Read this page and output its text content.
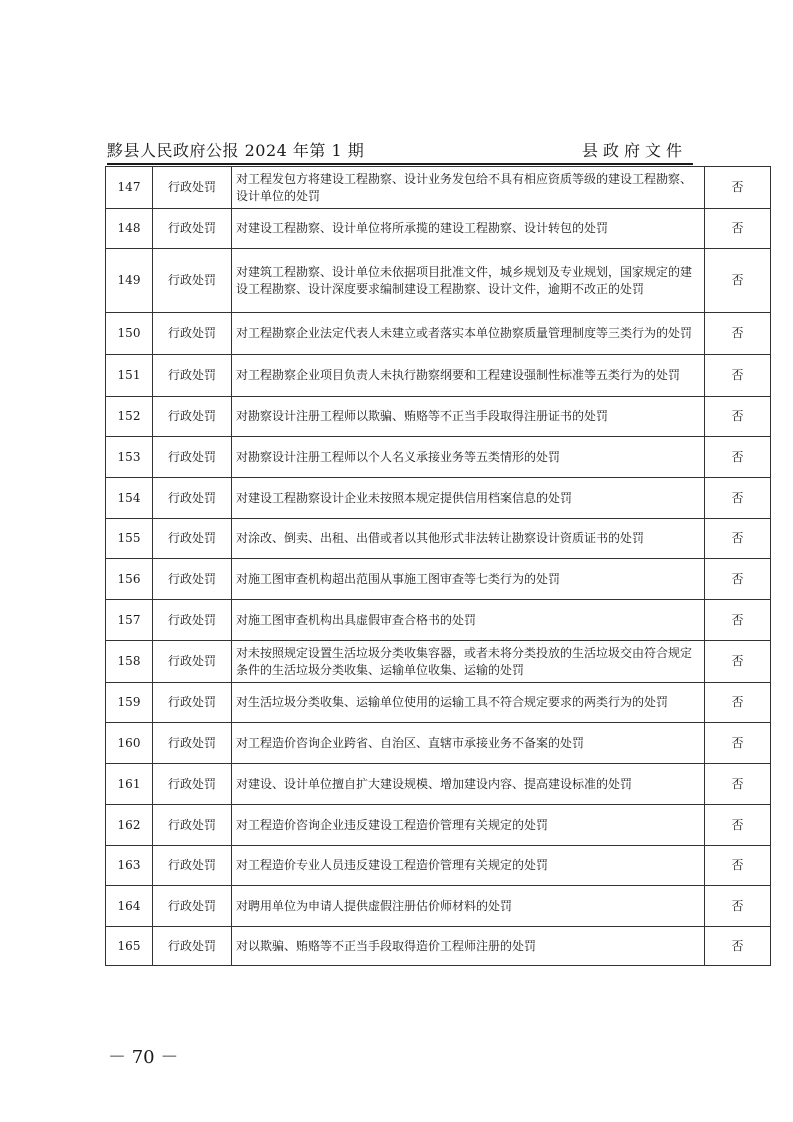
黟县人民政府公报 2024 年第 1 期	县政府文件
147	行政处罚	对工程发包方将建设工程勘察、设计业务发包给不具有相应资质等级的建设工程勘察、设计单位的处罚	否
148	行政处罚	对建设工程勘察、设计单位将所承揽的建设工程勘察、设计转包的处罚	否
149	行政处罚	对建筑工程勘察、设计单位未依据项目批准文件，城乡规划及专业规划，国家规定的建设工程勘察、设计深度要求编制建设工程勘察、设计文件，逾期不改正的处罚	否
150	行政处罚	对工程勘察企业法定代表人未建立或者落实本单位勘察质量管理制度等三类行为的处罚	否
151	行政处罚	对工程勘察企业项目负责人未执行勘察纲要和工程建设强制性标准等五类行为的处罚	否
152	行政处罚	对勘察设计注册工程师以欺骗、贿赂等不正当手段取得注册证书的处罚	否
153	行政处罚	对勘察设计注册工程师以个人名义承接业务等五类情形的处罚	否
154	行政处罚	对建设工程勘察设计企业未按照本规定提供信用档案信息的处罚	否
155	行政处罚	对涂改、倒卖、出租、出借或者以其他形式非法转让勘察设计资质证书的处罚	否
156	行政处罚	对施工图审查机构超出范围从事施工图审查等七类行为的处罚	否
157	行政处罚	对施工图审查机构出具虚假审查合格书的处罚	否
158	行政处罚	对未按照规定设置生活垃圾分类收集容器，或者未将分类投放的生活垃圾交由符合规定条件的生活垃圾分类收集、运输单位收集、运输的处罚	否
159	行政处罚	对生活垃圾分类收集、运输单位使用的运输工具不符合规定要求的两类行为的处罚	否
160	行政处罚	对工程造价咨询企业跨省、自治区、直辖市承接业务不备案的处罚	否
161	行政处罚	对建设、设计单位擅自扩大建设规模、增加建设内容、提高建设标准的处罚	否
162	行政处罚	对工程造价咨询企业违反建设工程造价管理有关规定的处罚	否
163	行政处罚	对工程造价专业人员违反建设工程造价管理有关规定的处罚	否
164	行政处罚	对聘用单位为申请人提供虚假注册估价师材料的处罚	否
165	行政处罚	对以欺骗、贿赂等不正当手段取得造价工程师注册的处罚	否
－ 70 －
